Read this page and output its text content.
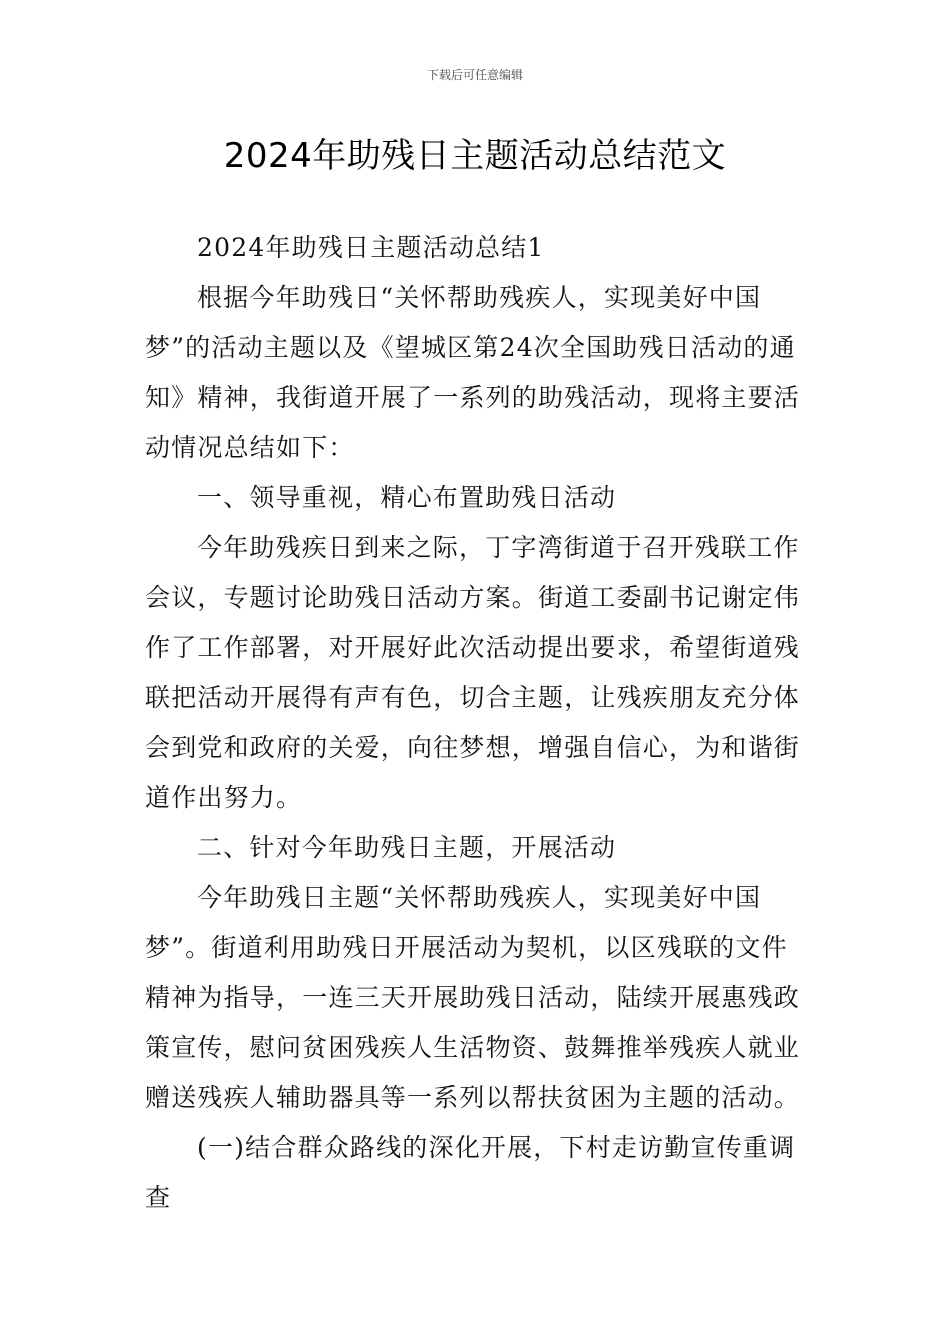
下载后可任意编辑
2024年助残日主题活动总结范文
2024年助残日主题活动总结1
根据今年助残日“关怀帮助残疾人，实现美好中国
梦”的活动主题以及《望城区第24次全国助残日活动的通
知》精神，我街道开展了一系列的助残活动，现将主要活
动情况总结如下：
一、领导重视，精心布置助残日活动
今年助残疾日到来之际，丁字湾街道于召开残联工作
会议，专题讨论助残日活动方案。街道工委副书记谢定伟
作了工作部署，对开展好此次活动提出要求，希望街道残
联把活动开展得有声有色，切合主题，让残疾朋友充分体
会到党和政府的关爱，向往梦想，增强自信心，为和谐街
道作出努力。
二、针对今年助残日主题，开展活动
今年助残日主题“关怀帮助残疾人，实现美好中国
梦”。街道利用助残日开展活动为契机，以区残联的文件
精神为指导，一连三天开展助残日活动，陆续开展惠残政
策宣传，慰问贫困残疾人生活物资、鼓舞推举残疾人就业
赠送残疾人辅助器具等一系列以帮扶贫困为主题的活动。
(一)结合群众路线的深化开展，下村走访勤宣传重调
查
